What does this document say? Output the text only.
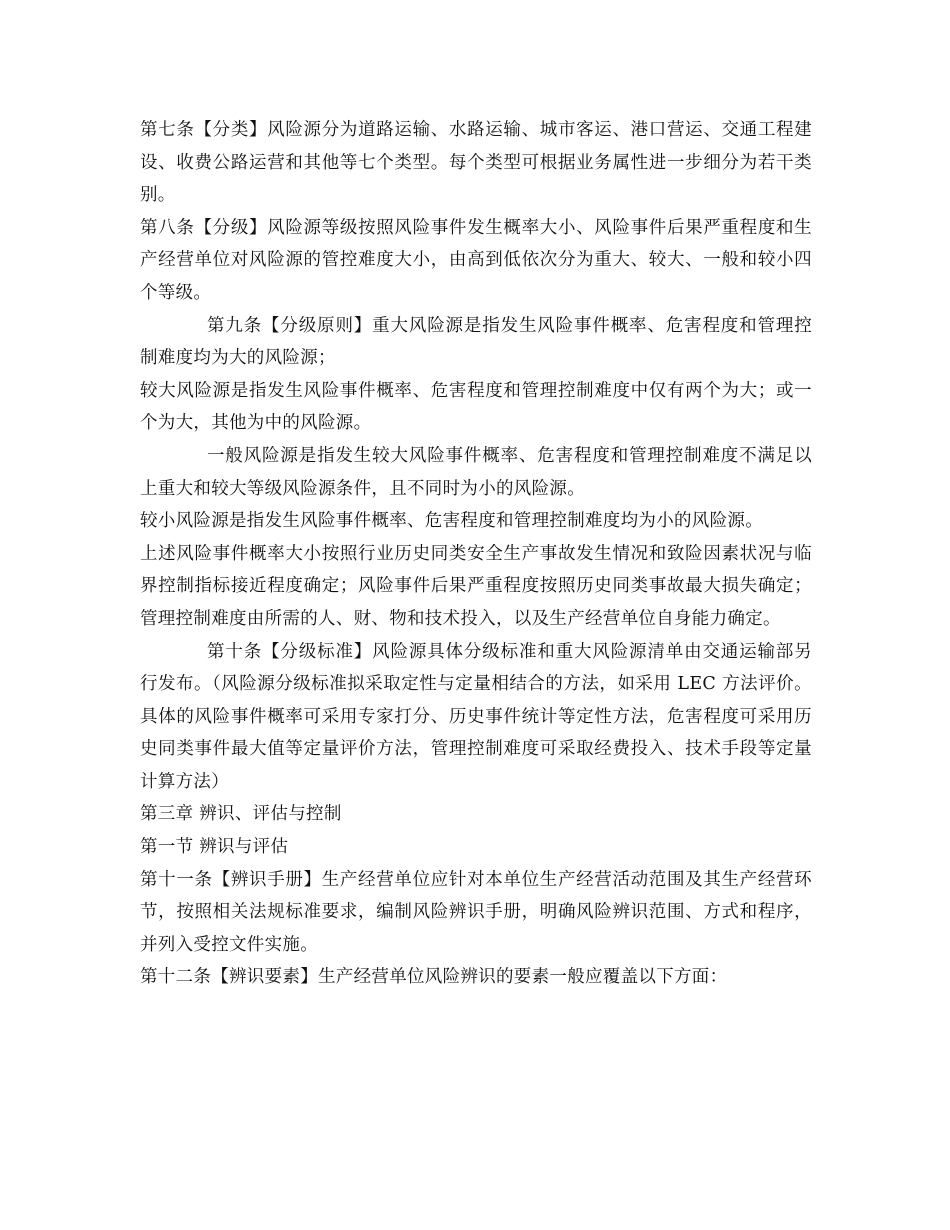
第七条【分类】风险源分为道路运输、水路运输、城市客运、港口营运、交通工程建设、收费公路运营和其他等七个类型。每个类型可根据业务属性进一步细分为若干类别。

第八条【分级】风险源等级按照风险事件发生概率大小、风险事件后果严重程度和生产经营单位对风险源的管控难度大小，由高到低依次分为重大、较大、一般和较小四个等级。

第九条【分级原则】重大风险源是指发生风险事件概率、危害程度和管理控制难度均为大的风险源；

较大风险源是指发生风险事件概率、危害程度和管理控制难度中仅有两个为大；或一个为大，其他为中的风险源。

一般风险源是指发生较大风险事件概率、危害程度和管理控制难度不满足以上重大和较大等级风险源条件，且不同时为小的风险源。

较小风险源是指发生风险事件概率、危害程度和管理控制难度均为小的风险源。

上述风险事件概率大小按照行业历史同类安全生产事故发生情况和致险因素状况与临界控制指标接近程度确定；风险事件后果严重程度按照历史同类事故最大损失确定；管理控制难度由所需的人、财、物和技术投入，以及生产经营单位自身能力确定。

第十条【分级标准】风险源具体分级标准和重大风险源清单由交通运输部另行发布。（风险源分级标准拟采取定性与定量相结合的方法，如采用 LEC 方法评价。具体的风险事件概率可采用专家打分、历史事件统计等定性方法，危害程度可采用历史同类事件最大值等定量评价方法，管理控制难度可采取经费投入、技术手段等定量计算方法）

第三章 辨识、评估与控制

第一节 辨识与评估

第十一条【辨识手册】生产经营单位应针对本单位生产经营活动范围及其生产经营环节，按照相关法规标准要求，编制风险辨识手册，明确风险辨识范围、方式和程序，并列入受控文件实施。

第十二条【辨识要素】生产经营单位风险辨识的要素一般应覆盖以下方面：
